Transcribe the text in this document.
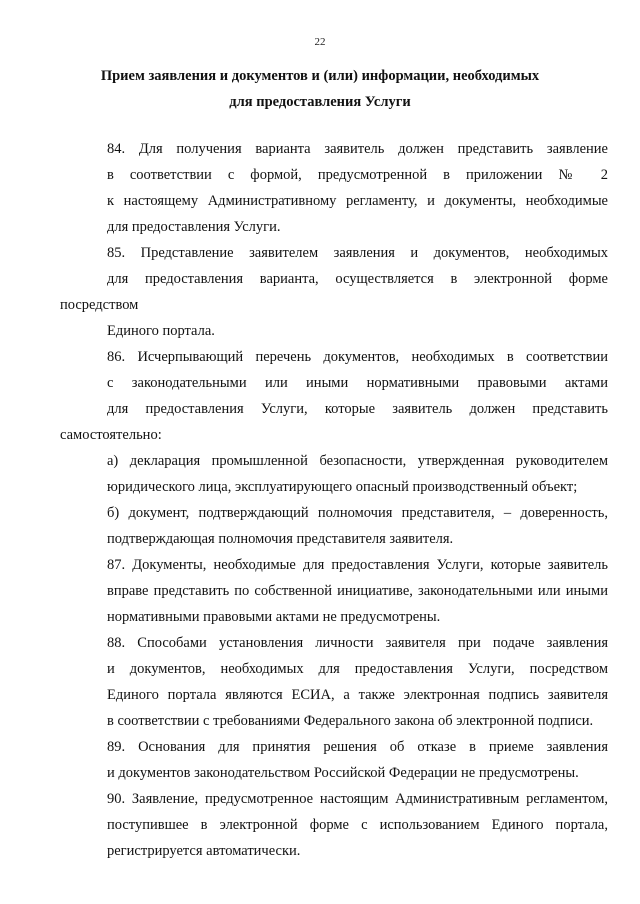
22
Прием заявления и документов и (или) информации, необходимых
для предоставления Услуги
84. Для получения варианта заявитель должен представить заявление
в соответствии с формой, предусмотренной в приложении № 2
к настоящему Административному регламенту, и документы, необходимые
для предоставления Услуги.
85. Представление заявителем заявления и документов, необходимых
для предоставления варианта, осуществляется в электронной форме посредством
Единого портала.
86. Исчерпывающий перечень документов, необходимых в соответствии
с законодательными или иными нормативными правовыми актами
для предоставления Услуги, которые заявитель должен представить самостоятельно:
а) декларация промышленной безопасности, утвержденная руководителем
юридического лица, эксплуатирующего опасный производственный объект;
б) документ, подтверждающий полномочия представителя, – доверенность,
подтверждающая полномочия представителя заявителя.
87. Документы, необходимые для предоставления Услуги, которые заявитель
вправе представить по собственной инициативе, законодательными или иными
нормативными правовыми актами не предусмотрены.
88. Способами установления личности заявителя при подаче заявления
и документов, необходимых для предоставления Услуги, посредством
Единого портала являются ЕСИА, а также электронная подпись заявителя
в соответствии с требованиями Федерального закона об электронной подписи.
89. Основания для принятия решения об отказе в приеме заявления
и документов законодательством Российской Федерации не предусмотрены.
90. Заявление, предусмотренное настоящим Административным регламентом,
поступившее в электронной форме с использованием Единого портала,
регистрируется автоматически.
